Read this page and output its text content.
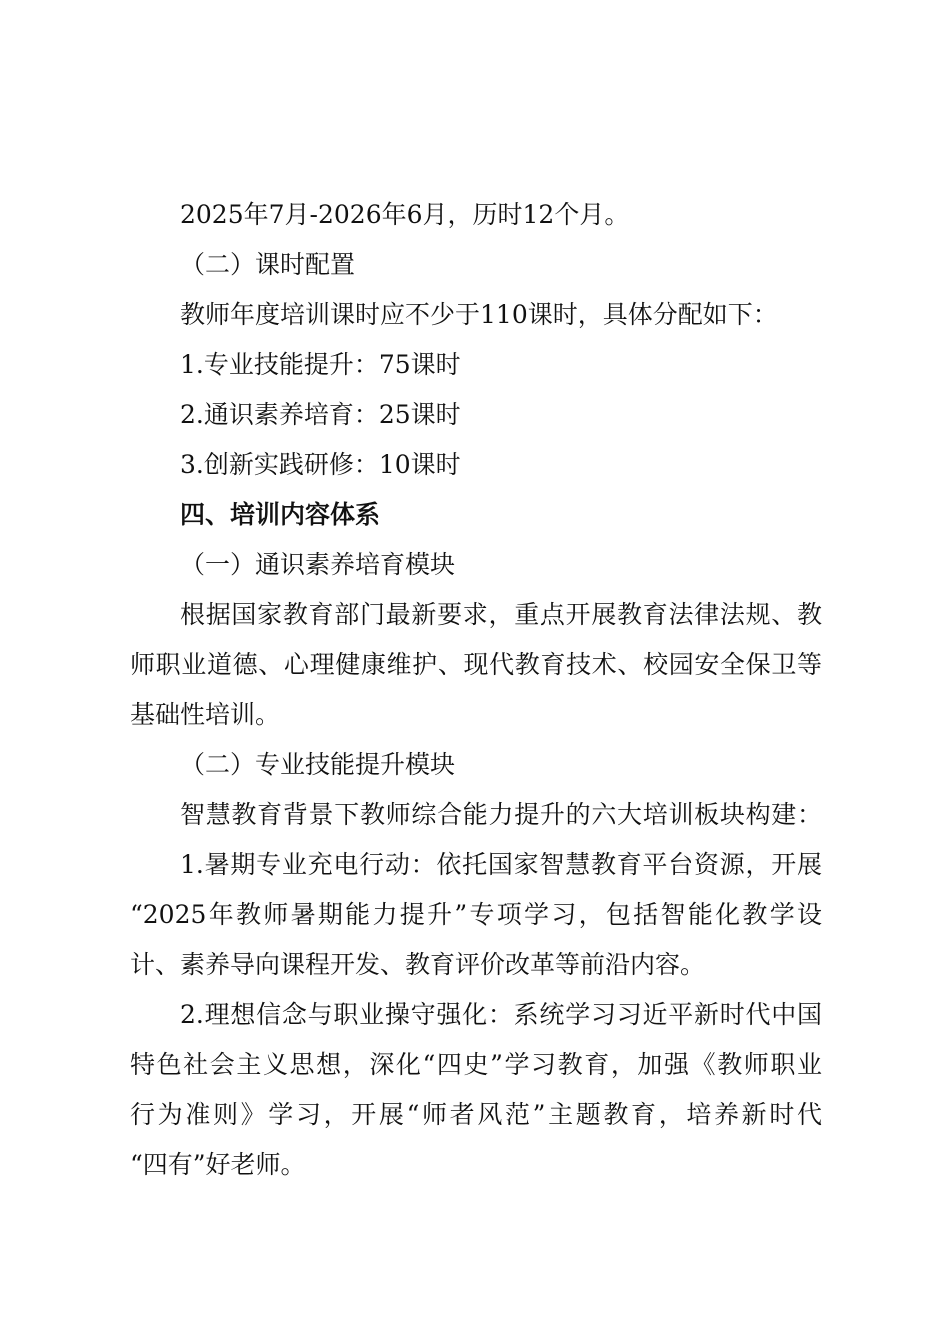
2025年7月-2026年6月，历时12个月。
（二）课时配置
教师年度培训课时应不少于110课时，具体分配如下：
1.专业技能提升：75课时
2.通识素养培育：25课时
3.创新实践研修：10课时
四、培训内容体系
（一）通识素养培育模块
根据国家教育部门最新要求，重点开展教育法律法规、教
师职业道德、心理健康维护、现代教育技术、校园安全保卫等
基础性培训。
（二）专业技能提升模块
智慧教育背景下教师综合能力提升的六大培训板块构建：
1.暑期专业充电行动：依托国家智慧教育平台资源，开展
“2025年教师暑期能力提升”专项学习，包括智能化教学设
计、素养导向课程开发、教育评价改革等前沿内容。
2.理想信念与职业操守强化：系统学习习近平新时代中国
特色社会主义思想，深化“四史”学习教育，加强《教师职业
行为准则》学习，开展“师者风范”主题教育，培养新时代
“四有”好老师。
